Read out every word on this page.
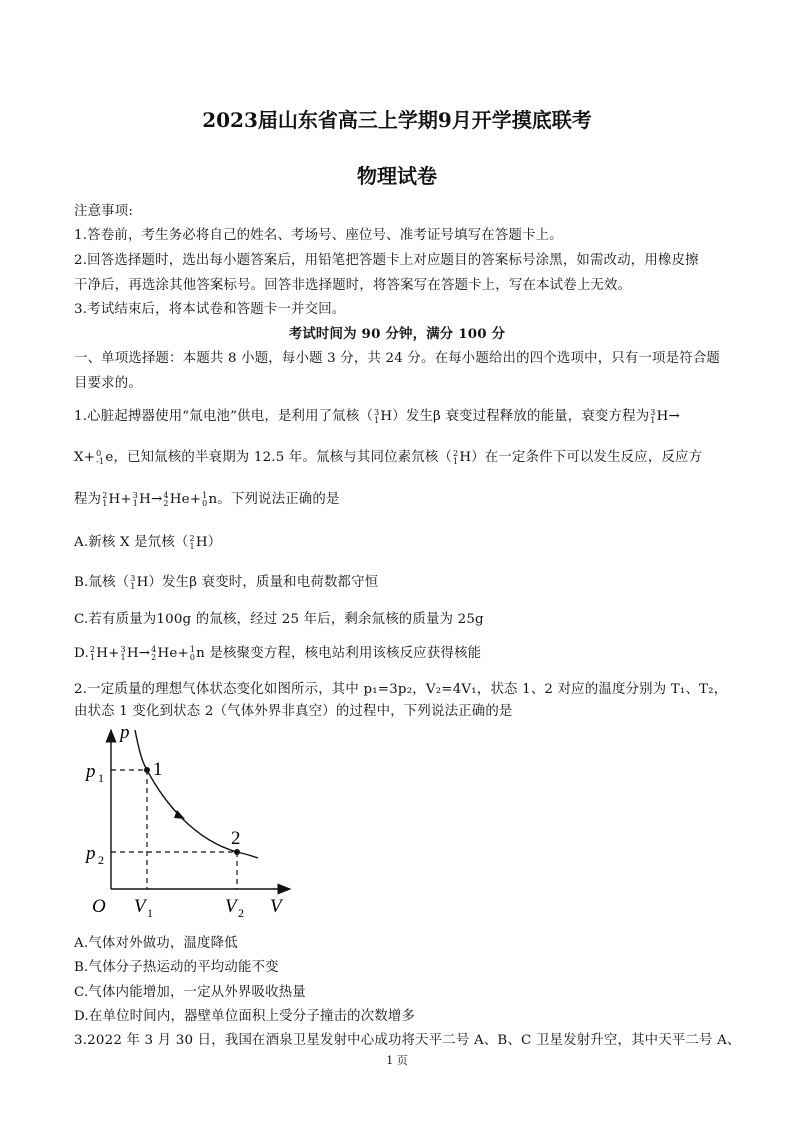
2023届山东省高三上学期9月开学摸底联考
物理试卷
注意事项:
1.答卷前，考生务必将自己的姓名、考场号、座位号、准考证号填写在答题卡上。
2.回答选择题时，选出每小题答案后，用铅笔把答题卡上对应题目的答案标号涂黑，如需改动，用橡皮擦
干净后，再选涂其他答案标号。回答非选择题时，将答案写在答题卡上，写在本试卷上无效。
3.考试结束后，将本试卷和答题卡一并交回。
考试时间为 90 分钟，满分 100 分
一、单项选择题：本题共 8 小题，每小题 3 分，共 24 分。在每小题给出的四个选项中，只有一项是符合题
目要求的。
1.心脏起搏器使用“氚电池”供电，是利用了氚核（ 3
1 H）发生β 衰变过程释放的能量，衰变方程为 3
1 H→
X+ 0
-1 e，已知氚核的半衰期为 12.5 年。氚核与其同位素氘核（ 2
1 H）在一定条件下可以发生反应，反应方
程为 2
1 H+ 3
1 H→ 4
2 He+ 1
0 n。下列说法正确的是
A.新核 X 是氘核（ 2
1 H）
B.氚核（ 3
1 H）发生β 衰变时，质量和电荷数都守恒
C.若有质量为100g 的氚核，经过 25 年后，剩余氚核的质量为 25g
D. 2
1 H+ 3
1 H→ 4
2 He+ 1
0 n 是核聚变方程，核电站利用该核反应获得核能
2.一定质量的理想气体状态变化如图所示，其中 p₁=3p₂，V₂=4V₁，状态 1、2 对应的温度分别为 T₁、T₂，
由状态 1 变化到状态 2（气体外界非真空）的过程中，下列说法正确的是
p
V
O
p 1
p 2
V 1	V 2
1
2
A.气体对外做功，温度降低
B.气体分子热运动的平均动能不变
C.气体内能增加，一定从外界吸收热量
D.在单位时间内，器壁单位面积上受分子撞击的次数增多
3.2022 年 3 月 30 日，我国在酒泉卫星发射中心成功将天平二号 A、B、C 卫星发射升空，其中天平二号 A、
1 页
